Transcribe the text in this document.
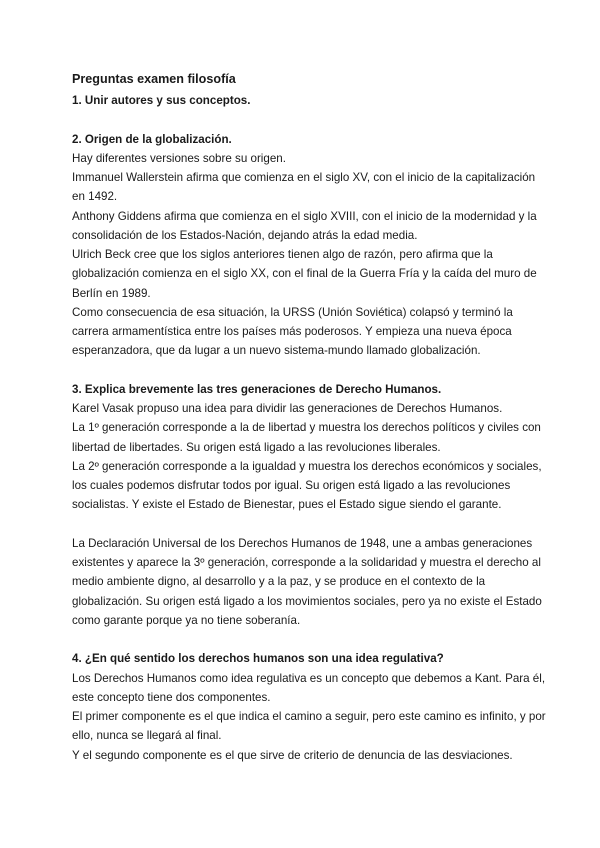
Preguntas examen filosofía
1. Unir autores y sus conceptos.
2. Origen de la globalización.
Hay diferentes versiones sobre su origen.
Immanuel Wallerstein afirma que comienza en el siglo XV, con el inicio de la capitalización
en 1492.
Anthony Giddens afirma que comienza en el siglo XVIII, con el inicio de la modernidad y la
consolidación de los Estados-Nación, dejando atrás la edad media.
Ulrich Beck cree que los siglos anteriores tienen algo de razón, pero afirma que la
globalización comienza en el siglo XX, con el final de la Guerra Fría y la caída del muro de
Berlín en 1989.
Como consecuencia de esa situación, la URSS (Unión Soviética) colapsó y terminó la
carrera armamentística entre los países más poderosos. Y empieza una nueva época
esperanzadora, que da lugar a un nuevo sistema-mundo llamado globalización.
3. Explica brevemente las tres generaciones de Derecho Humanos.
Karel Vasak propuso una idea para dividir las generaciones de Derechos Humanos.
La 1º generación corresponde a la de libertad y muestra los derechos políticos y civiles con
libertad de libertades. Su origen está ligado a las revoluciones liberales.
La 2º generación corresponde a la igualdad y muestra los derechos económicos y sociales,
los cuales podemos disfrutar todos por igual. Su origen está ligado a las revoluciones
socialistas. Y existe el Estado de Bienestar, pues el Estado sigue siendo el garante.
La Declaración Universal de los Derechos Humanos de 1948, une a ambas generaciones
existentes y aparece la 3º generación, corresponde a la solidaridad y muestra el derecho al
medio ambiente digno, al desarrollo y a la paz, y se produce en el contexto de la
globalización. Su origen está ligado a los movimientos sociales, pero ya no existe el Estado
como garante porque ya no tiene soberanía.
4. ¿En qué sentido los derechos humanos son una idea regulativa?
Los Derechos Humanos como idea regulativa es un concepto que debemos a Kant. Para él,
este concepto tiene dos componentes.
El primer componente es el que indica el camino a seguir, pero este camino es infinito, y por
ello, nunca se llegará al final.
Y el segundo componente es el que sirve de criterio de denuncia de las desviaciones.
